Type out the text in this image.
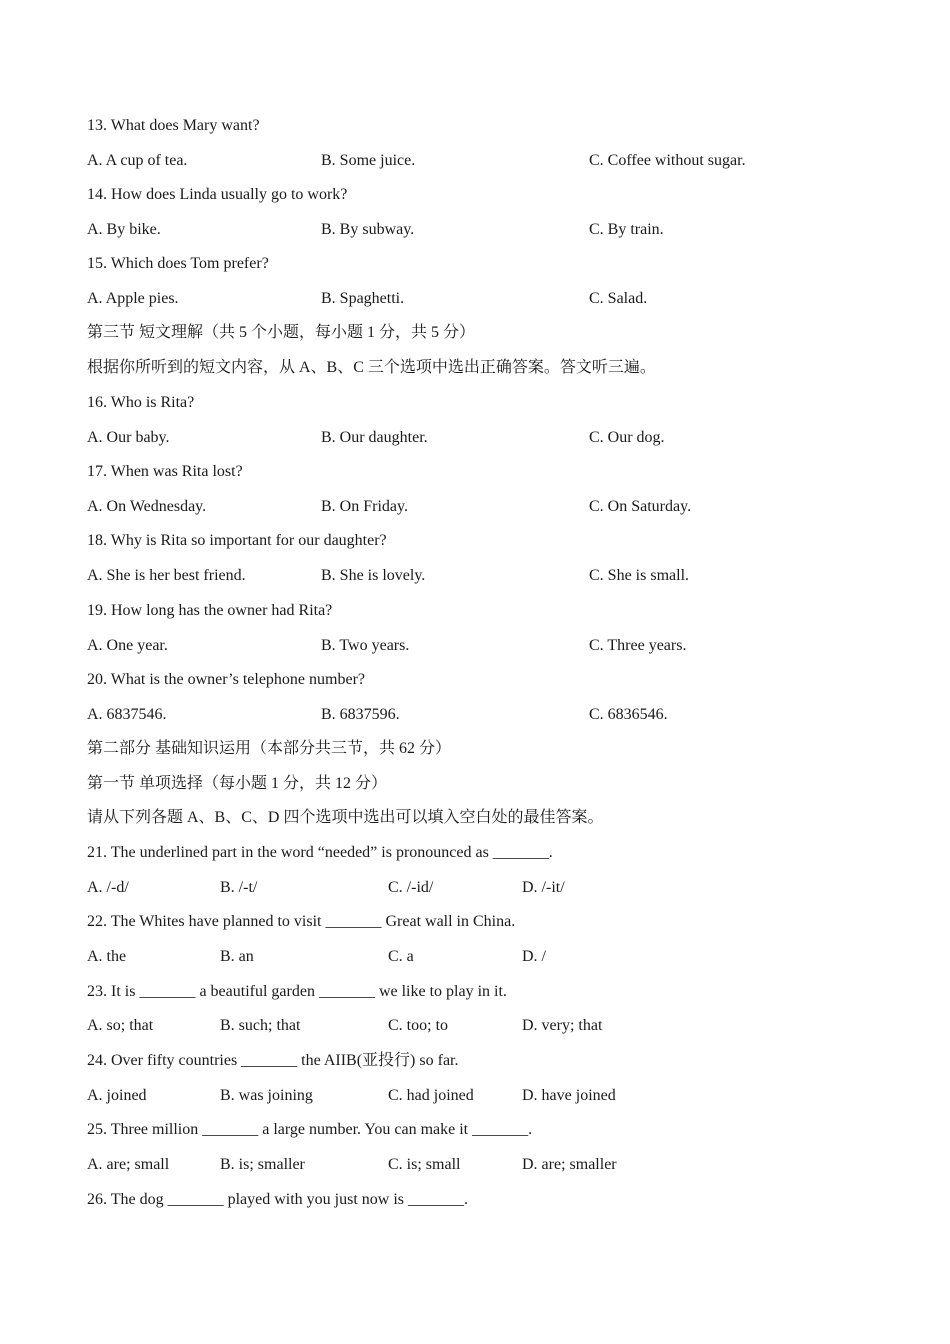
13. What does Mary want?
A. A cup of tea.	B. Some juice.	C. Coffee without sugar.
14. How does Linda usually go to work?
A. By bike.	B. By subway.	C. By train.
15. Which does Tom prefer?
A. Apple pies.	B. Spaghetti.	C. Salad.
第三节 短文理解（共 5 个小题，每小题 1 分，共 5 分）
根据你所听到的短文内容，从 A、B、C 三个选项中选出正确答案。答文听三遍。
16. Who is Rita?
A. Our baby.	B. Our daughter.	C. Our dog.
17. When was Rita lost?
A. On Wednesday.	B. On Friday.	C. On Saturday.
18. Why is Rita so important for our daughter?
A. She is her best friend.	B. She is lovely.	C. She is small.
19. How long has the owner had Rita?
A. One year.	B. Two years.	C. Three years.
20. What is the owner’s telephone number?
A. 6837546.	B. 6837596.	C. 6836546.
第二部分 基础知识运用（本部分共三节，共 62 分）
第一节 单项选择（每小题 1 分，共 12 分）
请从下列各题 A、B、C、D 四个选项中选出可以填入空白处的最佳答案。
21. The underlined part in the word “needed” is pronounced as _______.
A. /-d/	B. /-t/	C. /-id/	D. /-it/
22. The Whites have planned to visit _______ Great wall in China.
A. the	B. an	C. a	D. /
23. It is _______ a beautiful garden _______ we like to play in it.
A. so; that	B. such; that	C. too; to	D. very; that
24. Over fifty countries _______ the AIIB(亚投行) so far.
A. joined	B. was joining	C. had joined	D. have joined
25. Three million _______ a large number. You can make it _______.
A. are; small	B. is; smaller	C. is; small	D. are; smaller
26. The dog _______ played with you just now is _______.
